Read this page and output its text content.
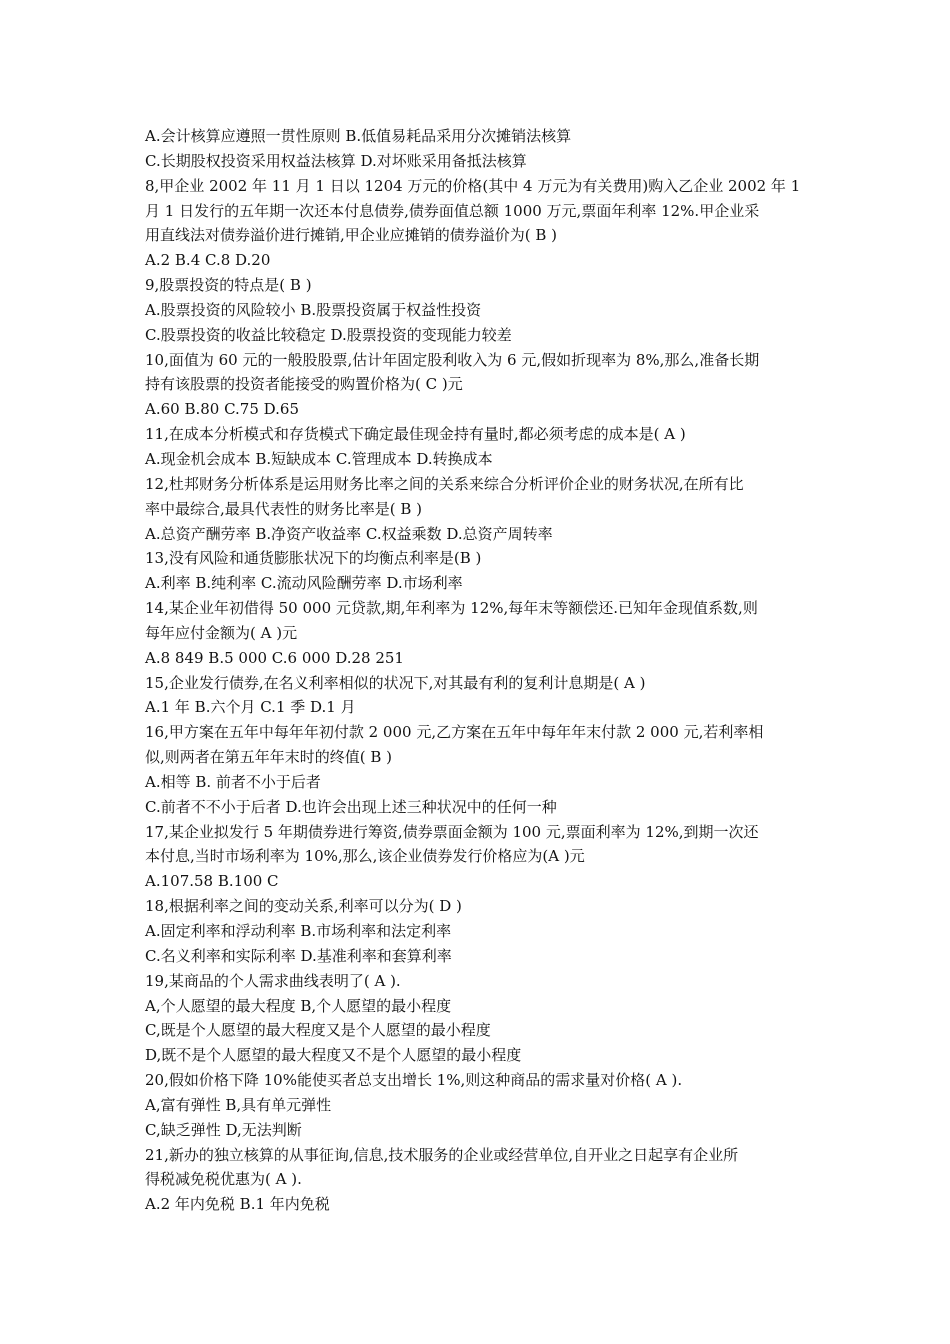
A.会计核算应遵照一贯性原则 B.低值易耗品采用分次摊销法核算
C.长期股权投资采用权益法核算 D.对坏账采用备抵法核算
8,甲企业 2002 年 11 月 1 日以 1204 万元的价格(其中 4 万元为有关费用)购入乙企业 2002 年 1
月 1 日发行的五年期一次还本付息债券,债券面值总额 1000 万元,票面年利率 12%.甲企业采
用直线法对债券溢价进行摊销,甲企业应摊销的债券溢价为( B )
A.2 B.4 C.8 D.20
9,股票投资的特点是( B )
A.股票投资的风险较小 B.股票投资属于权益性投资
C.股票投资的收益比较稳定 D.股票投资的变现能力较差
10,面值为 60 元的一般股股票,估计年固定股利收入为 6 元,假如折现率为 8%,那么,准备长期
持有该股票的投资者能接受的购置价格为( C )元
A.60 B.80 C.75 D.65
11,在成本分析模式和存货模式下确定最佳现金持有量时,都必须考虑的成本是( A )
A.现金机会成本 B.短缺成本 C.管理成本 D.转换成本
12,杜邦财务分析体系是运用财务比率之间的关系来综合分析评价企业的财务状况,在所有比
率中最综合,最具代表性的财务比率是( B )
A.总资产酬劳率 B.净资产收益率 C.权益乘数 D.总资产周转率
13,没有风险和通货膨胀状况下的均衡点利率是(B )
A.利率 B.纯利率 C.流动风险酬劳率 D.市场利率
14,某企业年初借得 50 000 元贷款,期,年利率为 12%,每年末等额偿还.已知年金现值系数,则
每年应付金额为( A )元
A.8 849 B.5 000 C.6 000 D.28 251
15,企业发行债券,在名义利率相似的状况下,对其最有利的复利计息期是( A )
A.1 年 B.六个月 C.1 季 D.1 月
16,甲方案在五年中每年年初付款 2 000 元,乙方案在五年中每年年末付款 2 000 元,若利率相
似,则两者在第五年年末时的终值( B )
A.相等 B. 前者不小于后者
C.前者不不小于后者 D.也许会出现上述三种状况中的任何一种
17,某企业拟发行 5 年期债券进行筹资,债券票面金额为 100 元,票面利率为 12%,到期一次还
本付息,当时市场利率为 10%,那么,该企业债券发行价格应为(A )元
A.107.58 B.100 C
18,根据利率之间的变动关系,利率可以分为( D )
A.固定利率和浮动利率 B.市场利率和法定利率
C.名义利率和实际利率 D.基准利率和套算利率
19,某商品的个人需求曲线表明了( A ).
A,个人愿望的最大程度 B,个人愿望的最小程度
C,既是个人愿望的最大程度又是个人愿望的最小程度
D,既不是个人愿望的最大程度又不是个人愿望的最小程度
20,假如价格下降 10%能使买者总支出增长 1%,则这种商品的需求量对价格( A ).
A,富有弹性 B,具有单元弹性
C,缺乏弹性 D,无法判断
21,新办的独立核算的从事征询,信息,技术服务的企业或经营单位,自开业之日起享有企业所
得税减免税优惠为( A ).
A.2 年内免税 B.1 年内免税
